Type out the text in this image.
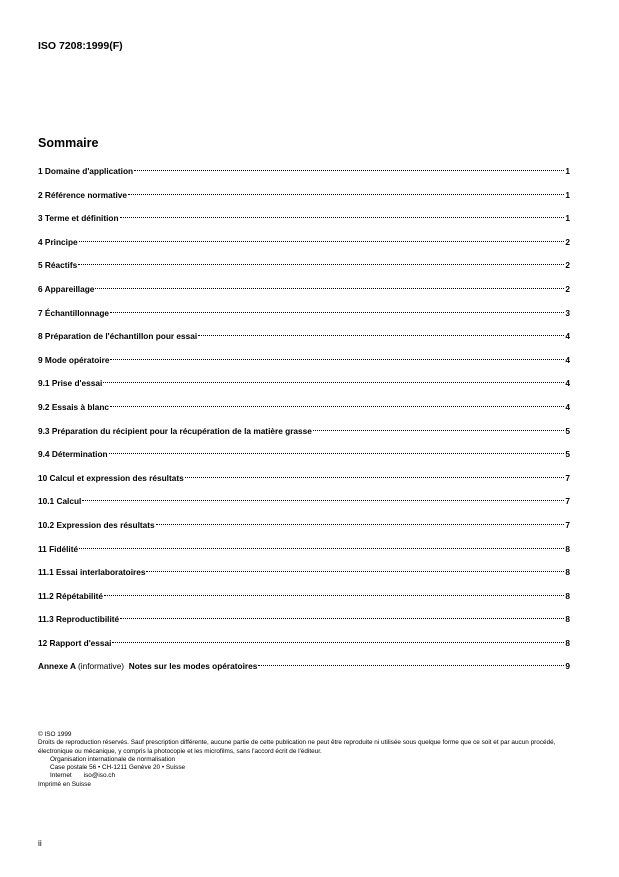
ISO 7208:1999(F)
Sommaire
1 Domaine d'application	1
2 Référence normative	1
3 Terme et définition	1
4 Principe	2
5 Réactifs	2
6 Appareillage	2
7 Échantillonnage	3
8 Préparation de l'échantillon pour essai	4
9 Mode opératoire	4
9.1 Prise d'essai	4
9.2 Essais à blanc	4
9.3 Préparation du récipient pour la récupération de la matière grasse	5
9.4 Détermination	5
10 Calcul et expression des résultats	7
10.1 Calcul	7
10.2 Expression des résultats	7
11 Fidélité	8
11.1 Essai interlaboratoires	8
11.2 Répétabilité	8
11.3 Reproductibilité	8
12 Rapport d'essai	8
Annexe A (informative) Notes sur les modes opératoires	9

© ISO 1999

Droits de reproduction réservés. Sauf prescription différente, aucune partie de cette publication ne peut être reproduite ni utilisée sous quelque forme que ce soit et par aucun procédé, électronique ou mécanique, y compris la photocopie et les microfilms, sans l'accord écrit de l'éditeur.

Organisation internationale de normalisation

Case postale 56 • CH-1211 Genève 20 • Suisse

Internet iso@iso.ch

Imprimé en Suisse

ii
